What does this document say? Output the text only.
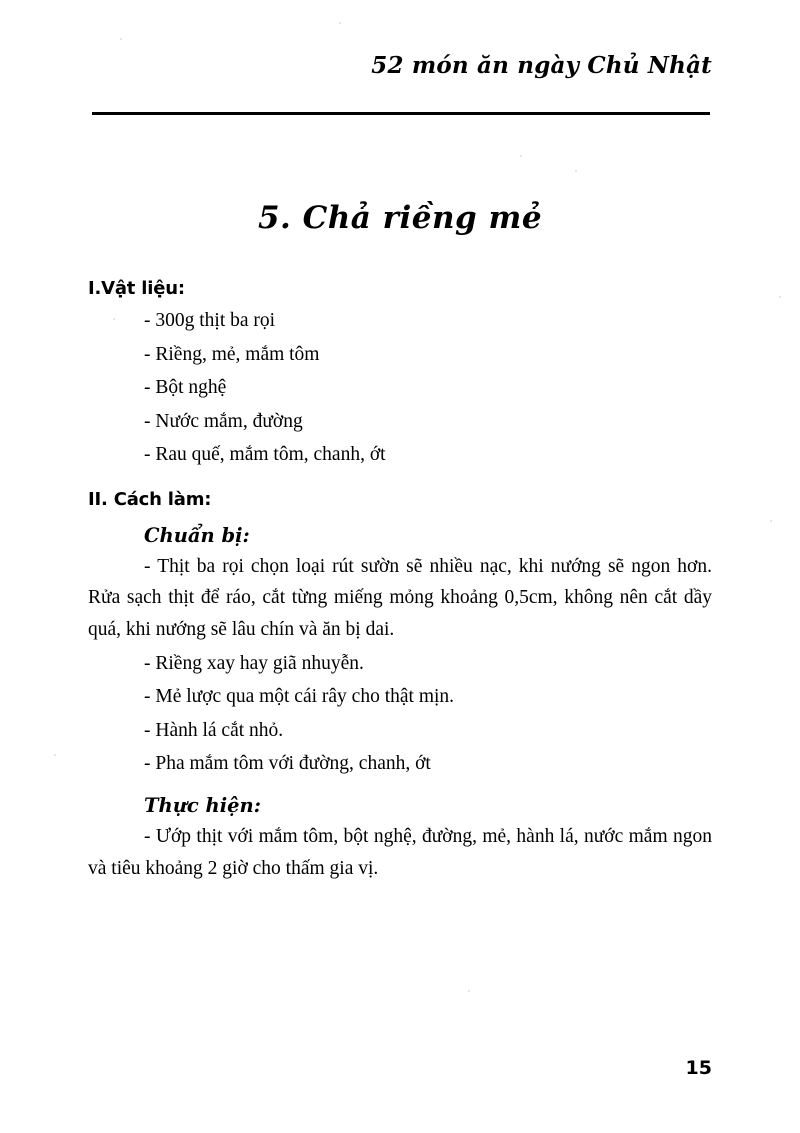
52 món ăn ngày Chủ Nhật
5. Chả riềng mẻ
I.Vật liệu:
- 300g thịt ba rọi
- Riềng, mẻ, mắm tôm
- Bột nghệ
- Nước mắm, đường
- Rau quế, mắm tôm, chanh, ớt
II. Cách làm:
Chuẩn bị:
- Thịt ba rọi chọn loại rút sườn sẽ nhiều nạc, khi nướng sẽ ngon hơn. Rửa sạch thịt để ráo, cắt từng miếng mỏng khoảng 0,5cm, không nên cắt dầy quá, khi nướng sẽ lâu chín và ăn bị dai.
- Riềng xay hay giã nhuyễn.
- Mẻ lược qua một cái rây cho thật mịn.
- Hành lá cắt nhỏ.
- Pha mắm tôm với đường, chanh, ớt
Thực hiện:
- Ướp thịt với mắm tôm, bột nghệ, đường, mẻ, hành lá, nước mắm ngon và tiêu khoảng 2 giờ cho thấm gia vị.
15
